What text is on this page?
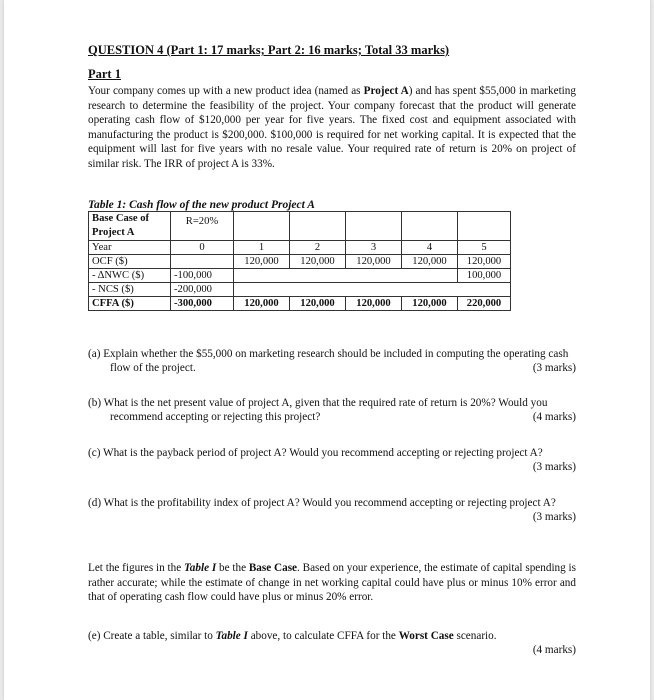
QUESTION 4 (Part 1: 17 marks; Part 2: 16 marks; Total 33 marks)
Part 1
Your company comes up with a new product idea (named as Project A) and has spent $55,000 in marketing research to determine the feasibility of the project. Your company forecast that the product will generate operating cash flow of $120,000 per year for five years. The fixed cost and equipment associated with manufacturing the product is $200,000. $100,000 is required for net working capital. It is expected that the equipment will last for five years with no resale value. Your required rate of return is 20% on project of similar risk. The IRR of project A is 33%.
Table 1: Cash flow of the new product Project A
Base Case of Project A	R=20%					
Year	0	1	2	3	4	5
OCF ($)		120,000	120,000	120,000	120,000	120,000
- ΔNWC ($)	-100,000					100,000
- NCS ($)	-200,000					
CFFA ($)	-300,000	120,000	120,000	120,000	120,000	220,000
(a) Explain whether the $55,000 on marketing research should be included in computing the operating cash flow of the project.	(3 marks)
(b) What is the net present value of project A, given that the required rate of return is 20%? Would you recommend accepting or rejecting this project?	(4 marks)
(c) What is the payback period of project A? Would you recommend accepting or rejecting project A?
(3 marks)
(d) What is the profitability index of project A? Would you recommend accepting or rejecting project A?
(3 marks)
Let the figures in the Table I be the Base Case. Based on your experience, the estimate of capital spending is rather accurate; while the estimate of change in net working capital could have plus or minus 10% error and that of operating cash flow could have plus or minus 20% error.
(e) Create a table, similar to Table I above, to calculate CFFA for the Worst Case scenario.
(4 marks)
